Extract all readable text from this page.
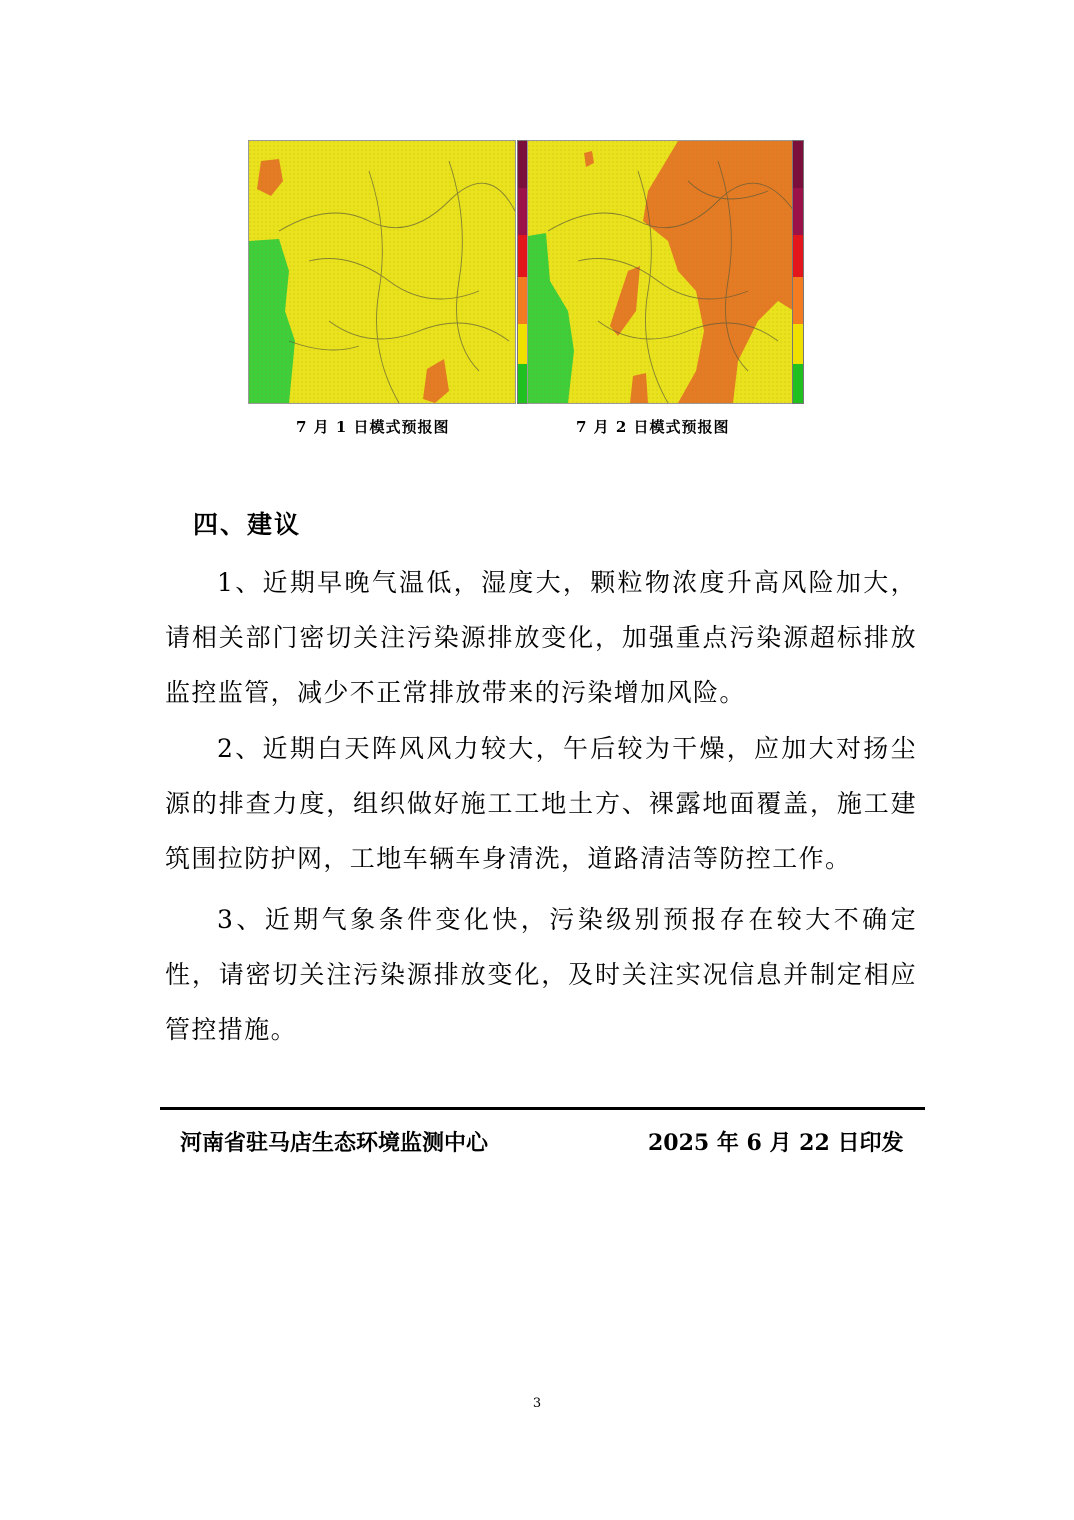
7 月 1 日模式预报图	7 月 2 日模式预报图
四、建议
1、近期早晚气温低，湿度大，颗粒物浓度升高风险加大，请相关部门密切关注污染源排放变化，加强重点污染源超标排放监控监管，减少不正常排放带来的污染增加风险。
2、近期白天阵风风力较大，午后较为干燥，应加大对扬尘源的排查力度，组织做好施工工地土方、裸露地面覆盖，施工建筑围拉防护网，工地车辆车身清洗，道路清洁等防控工作。
3、近期气象条件变化快，污染级别预报存在较大不确定性，请密切关注污染源排放变化，及时关注实况信息并制定相应管控措施。
河南省驻马店生态环境监测中心	2025 年 6 月 22 日印发
3
